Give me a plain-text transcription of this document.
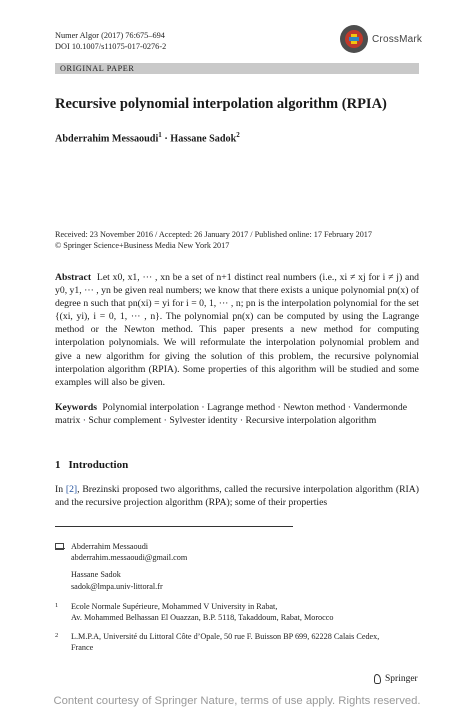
Numer Algor (2017) 76:675–694
DOI 10.1007/s11075-017-0276-2
CrossMark
ORIGINAL PAPER
Recursive polynomial interpolation algorithm (RPIA)
Abderrahim Messaoudi$^1$ · Hassane Sadok$^2$
Received: 23 November 2016 / Accepted: 26 January 2017 / Published online: 17 February 2017
© Springer Science+Business Media New York 2017

Abstract Let x0, x1, ··· , xn be a set of n+1 distinct real numbers (i.e., xi ≠ xj for i ≠ j) and y0, y1, ··· , yn be given real numbers; we know that there exists a unique polynomial pn(x) of degree n such that pn(xi) = yi for i = 0, 1, ··· , n; pn is the interpolation polynomial for the set {(xi, yi), i = 0, 1, ··· , n}. The polynomial pn(x) can be computed by using the Lagrange method or the Newton method. This paper presents a new method for computing interpolation polynomials. We will reformulate the interpolation polynomial problem and give a new algorithm for giving the solution of this problem, the recursive polynomial interpolation algorithm (RPIA). Some properties of this algorithm will be studied and some examples will also be given.

Keywords Polynomial interpolation · Lagrange method · Newton method · Vandermonde matrix · Schur complement · Sylvester identity · Recursive interpolation algorithm

1 Introduction

In [2], Brezinski proposed two algorithms, called the recursive interpolation algorithm (RIA) and the recursive projection algorithm (RPA); some of their properties

Abderrahim Messaoudi
abderrahim.messaoudi@gmail.com
Hassane Sadok
sadok@lmpa.univ-littoral.fr
1	Ecole Normale Supérieure, Mohammed V University in Rabat,
Av. Mohammed Belhassan El Ouazzan, B.P. 5118, Takaddoum, Rabat, Morocco
2	L.M.P.A, Université du Littoral Côte d’Opale, 50 rue F. Buisson BP 699, 62228 Calais Cedex,
France
Springer
Content courtesy of Springer Nature, terms of use apply. Rights reserved.
